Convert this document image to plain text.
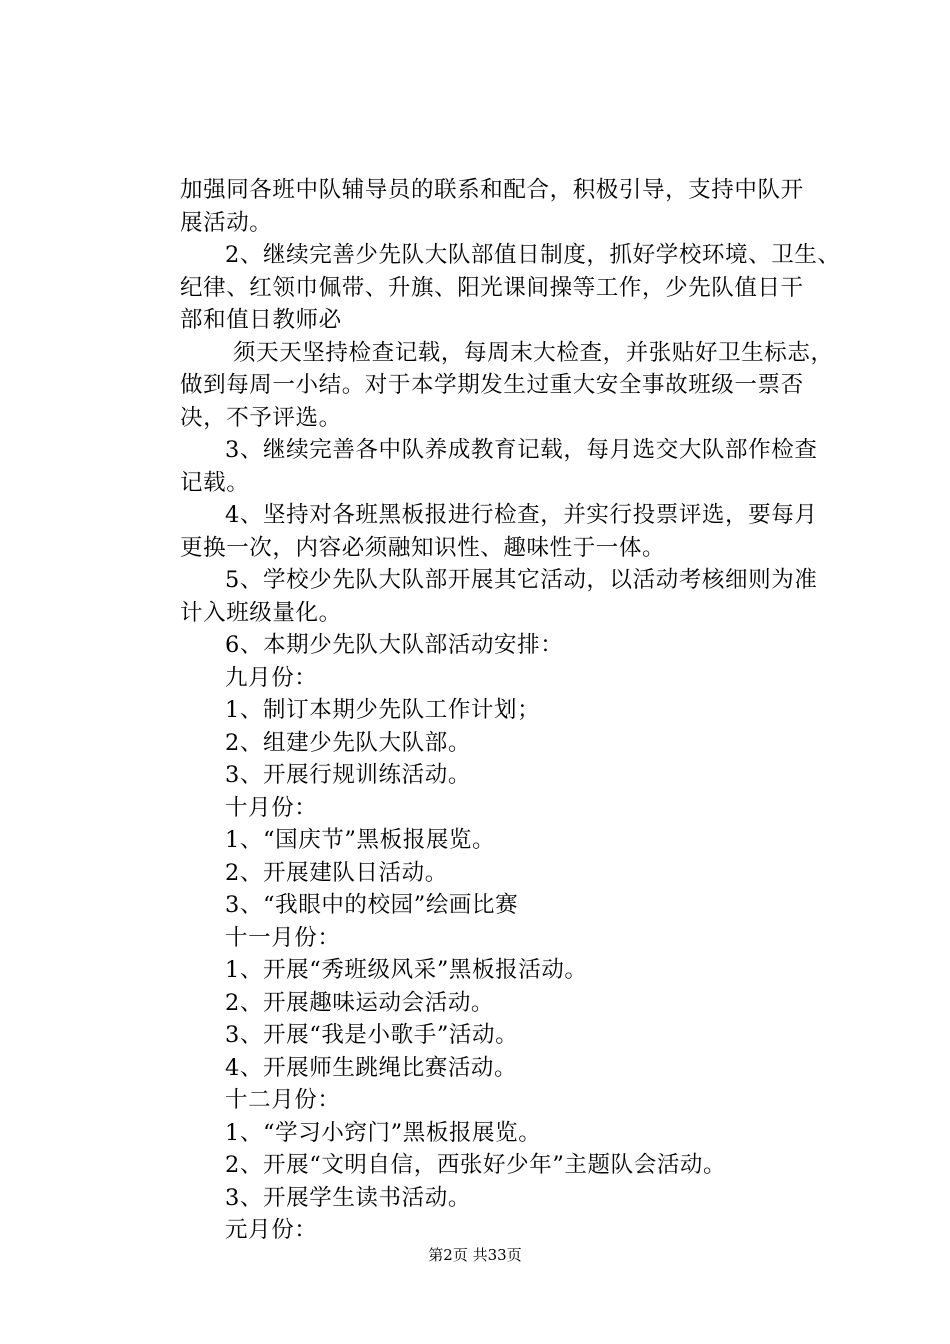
加强同各班中队辅导员的联系和配合，积极引导，支持中队开
展活动。
2、继续完善少先队大队部值日制度，抓好学校环境、卫生、
纪律、红领巾佩带、升旗、阳光课间操等工作，少先队值日干
部和值日教师必
须天天坚持检查记载，每周末大检查，并张贴好卫生标志，
做到每周一小结。对于本学期发生过重大安全事故班级一票否
决，不予评选。
3、继续完善各中队养成教育记载，每月选交大队部作检查
记载。
4、坚持对各班黑板报进行检查，并实行投票评选，要每月
更换一次，内容必须融知识性、趣味性于一体。
5、学校少先队大队部开展其它活动，以活动考核细则为准
计入班级量化。
6、本期少先队大队部活动安排：
九月份：
1、制订本期少先队工作计划；
2、组建少先队大队部。
3、开展行规训练活动。
十月份：
1、“国庆节”黑板报展览。
2、开展建队日活动。
3、“我眼中的校园”绘画比赛
十一月份：
1、开展“秀班级风采”黑板报活动。
2、开展趣味运动会活动。
3、开展“我是小歌手”活动。
4、开展师生跳绳比赛活动。
十二月份：
1、“学习小窍门”黑板报展览。
2、开展“文明自信，西张好少年”主题队会活动。
3、开展学生读书活动。
元月份：
第2页 共33页
